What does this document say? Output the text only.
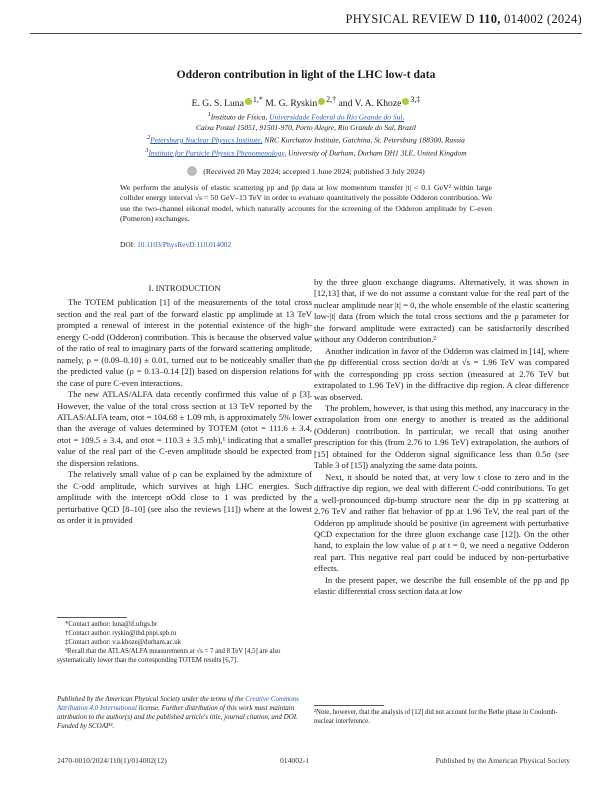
PHYSICAL REVIEW D 110, 014002 (2024)
Odderon contribution in light of the LHC low-t data
E. G. S. Luna $^{1,*}$ M. G. Ryskin $^{2,\dagger}$ and V. A. Khoze $^{3,\ddagger}$
$^1$Instituto de Física, Universidade Federal do Rio Grande do Sul,
Caixa Postal 15051, 91501-970, Porto Alegre, Rio Grande do Sul, Brazil
$^2$Petersburg Nuclear Physics Institute, NRC Kurchatov Institute, Gatchina, St. Petersburg 188300, Russia
$^3$Institute for Particle Physics Phenomenology, University of Durham, Durham DH1 3LE, United Kingdom
(Received 20 May 2024; accepted 1 June 2024; published 3 July 2024)
We perform the analysis of elastic scattering pp and p̄p data at low momentum transfer |t| < 0.1 GeV² within large collider energy interval √s = 50 GeV–13 TeV in order to evaluate quantitatively the possible Odderon contribution. We use the two-channel eikonal model, which naturally accounts for the screening of the Odderon amplitude by C-even (Pomeron) exchanges.
DOI: 10.1103/PhysRevD.110.014002
I. INTRODUCTION

The TOTEM publication [1] of the measurements of the total cross section and the real part of the forward elastic pp amplitude at 13 TeV prompted a renewal of interest in the potential existence of the high-energy C-odd (Odderon) contribution. This is because the observed value of the ratio of real to imaginary parts of the forward scattering amplitude, namely, ρ = (0.09–0.10) ± 0.01, turned out to be noticeably smaller than the predicted value (ρ = 0.13–0.14 [2]) based on dispersion relations for the case of pure C-even interactions.

The new ATLAS/ALFA data recently confirmed this value of ρ [3]. However, the value of the total cross section at 13 TeV reported by the ATLAS/ALFA team, σtot = 104.68 ± 1.09 mb, is approximately 5% lower than the average of values determined by TOTEM (σtot = 111.6 ± 3.4, σtot = 109.5 ± 3.4, and σtot = 110.3 ± 3.5 mb),¹ indicating that a smaller value of the real part of the C-even amplitude should be expected from the dispersion relations.

The relatively small value of ρ can be explained by the admixture of the C-odd amplitude, which survives at high LHC energies. Such amplitude with the intercept αOdd close to 1 was predicted by the perturbative QCD [8–10] (see also the reviews [11]) where at the lowest αs order it is provided

by the three gluon exchange diagrams. Alternatively, it was shown in [12,13] that, if we do not assume a constant value for the real part of the nuclear amplitude near |t| = 0, the whole ensemble of the elastic scattering low-|t| data (from which the total cross sections and the ρ parameter for the forward amplitude were extracted) can be satisfactorily described without any Odderon contribution.²

Another indication in favor of the Odderon was claimed in [14], where the p̄p differential cross section dσ/dt at √s = 1.96 TeV was compared with the corresponding pp cross section (measured at 2.76 TeV but extrapolated to 1.96 TeV) in the diffractive dip region. A clear difference was observed.

The problem, however, is that using this method, any inaccuracy in the extrapolation from one energy to another is treated as the additional (Odderon) contribution. In particular, we recall that using another prescription for this (from 2.76 to 1.96 TeV) extrapolation, the authors of [15] obtained for the Odderon signal significance less than 0.5σ (see Table 3 of [15]) analyzing the same data points.

Next, it should be noted that, at very low t close to zero and in the diffractive dip region, we deal with different C-odd contributions. To get a well-pronounced dip-bump structure near the dip in pp scattering at 2.76 TeV and rather flat behavior of p̄p at 1.96 TeV, the real part of the Odderon pp amplitude should be positive (in agreement with perturbative QCD expectation for the three gluon exchange case [12]). On the other hand, to explain the low value of ρ at t = 0, we need a negative Odderon real part. This negative real part could be induced by non-perturbative effects.

In the present paper, we describe the full ensemble of the pp and p̄p elastic differential cross section data at low

*Contact author: luna@if.ufrgs.br

†Contact author: ryskin@thd.pnpi.spb.ru

‡Contact author: v.a.khoze@durham.ac.uk

¹Recall that the ATLAS/ALFA measurements at √s = 7 and 8 TeV [4,5] are also systematically lower than the corresponding TOTEM results [6,7].

Published by the American Physical Society under the terms of the Creative Commons Attribution 4.0 International license. Further distribution of this work must maintain attribution to the author(s) and the published article's title, journal citation, and DOI. Funded by SCOAP³.
²Note, however, that the analysis of [12] did not account for the Bethe phase in Coulomb-nuclear interference.
2470-0010/2024/110(1)/014002(12)	014002-1	Published by the American Physical Society
